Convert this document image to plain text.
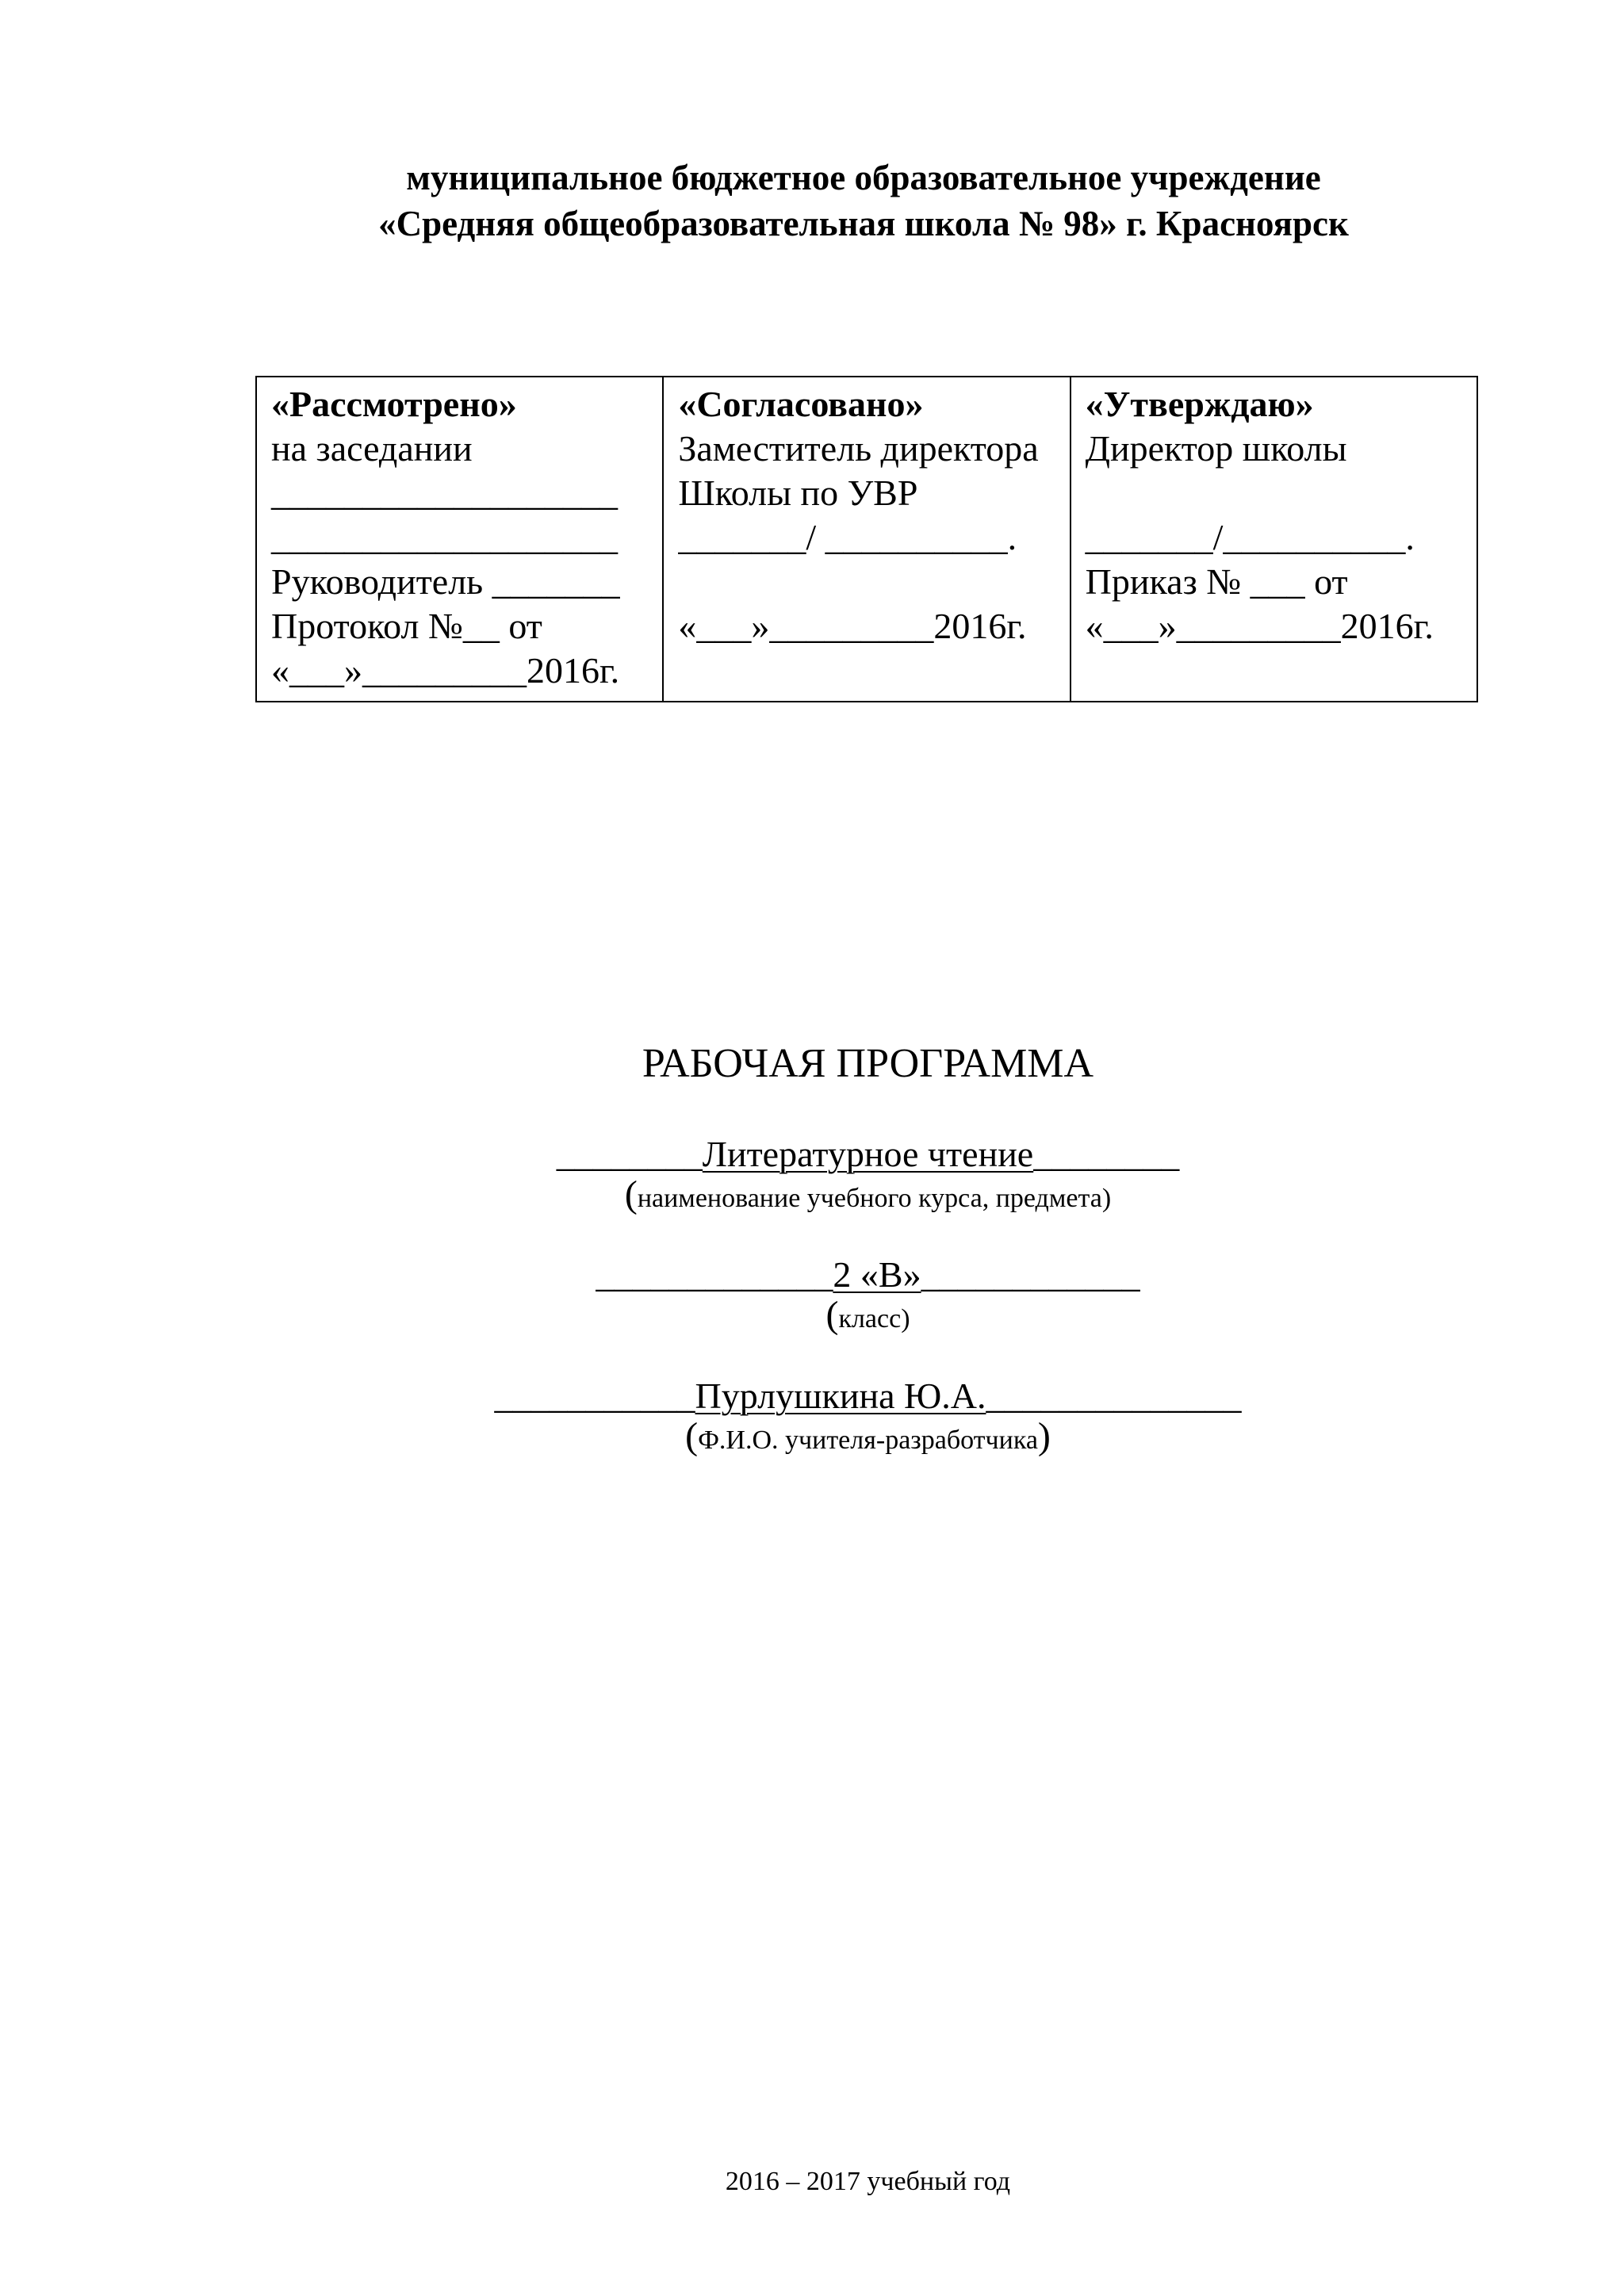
муниципальное бюджетное образовательное учреждение
«Средняя общеобразовательная школа № 98» г. Красноярск
«Рассмотрено»
на заседании
___________________
___________________
Руководитель _______
Протокол №__ от
«___»_________2016г.

«Согласовано»
Заместитель директора
Школы по УВР
_______/ __________.
«___»_________2016г.

«Утверждаю»
Директор школы
_______/__________.
Приказ № ___ от
«___»_________2016г.
РАБОЧАЯ ПРОГРАММА
________Литературное чтение________
(наименование учебного курса, предмета)
_____________2 «В»____________
(класс)
___________Пурлушкина Ю.А.______________
(Ф.И.О. учителя-разработчика)
2016 – 2017 учебный год
